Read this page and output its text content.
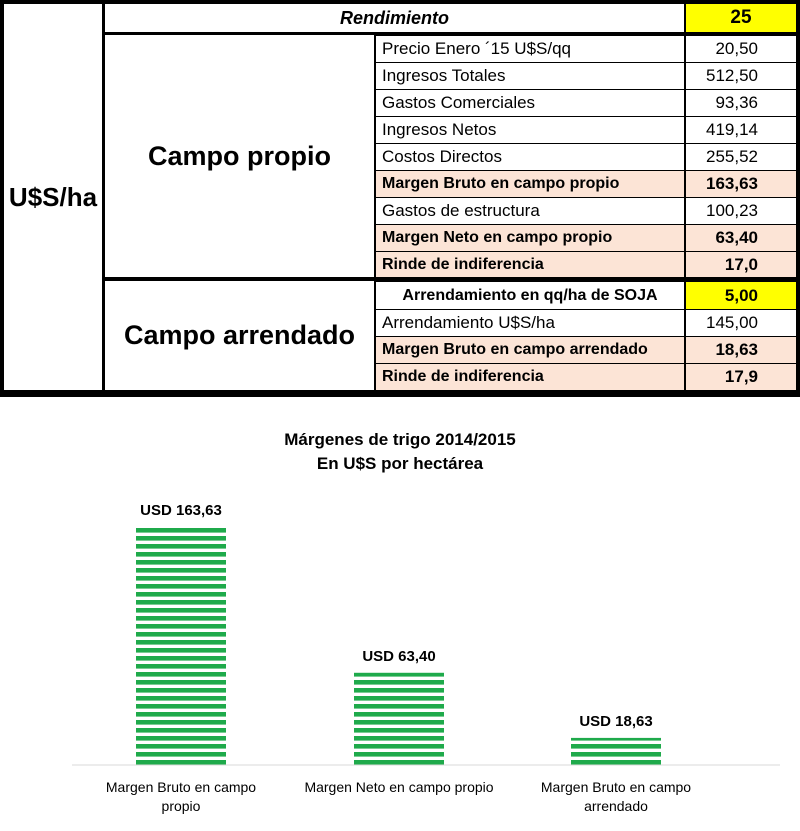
U$S/ha
Rendimiento	25
Campo propio
Campo arrendado
Precio Enero ´15 U$S/qq	20,50
Ingresos Totales	512,50
Gastos Comerciales	93,36
Ingresos Netos	419,14
Costos Directos	255,52
Margen Bruto en campo propio	163,63
Gastos de estructura	100,23
Margen Neto en campo propio	63,40
Rinde de indiferencia	17,0
Arrendamiento en qq/ha de SOJA	5,00
Arrendamiento U$S/ha	145,00
Margen Bruto en campo arrendado	18,63
Rinde de indiferencia	17,9
Márgenes de trigo 2014/2015
En U$S por hectárea
USD 163,63
USD 63,40
USD 18,63
Margen Bruto en campo propio
Margen Neto en campo propio	Margen Bruto en campo arrendado
